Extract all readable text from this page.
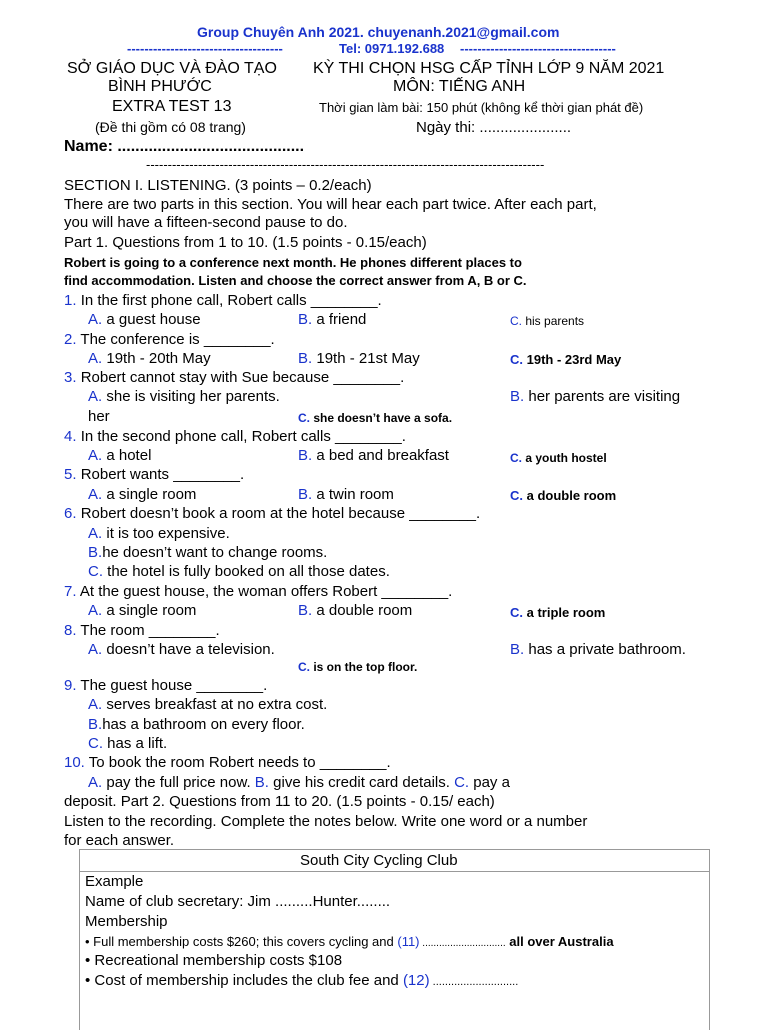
Group Chuyên Anh 2021. chuyenanh.2021@gmail.com
------------------------------------	Tel: 0971.192.688 ------------------------------------
SỞ GIÁO DỤC VÀ ĐÀO TẠO
BÌNH PHƯỚC
EXTRA TEST 13
(Đề thi gồm có 08 trang)
KỲ THI CHỌN HSG CẤP TỈNH LỚP 9 NĂM 2021
MÔN: TIẾNG ANH
Thời gian làm bài: 150 phút (không kể thời gian phát đề)
Ngày thi: ......................
Name: ..........................................
--------------------------------------------------------------------------------------------
SECTION I. LISTENING. (3 points – 0.2/each)
There are two parts in this section. You will hear each part twice. After each part,
you will have a fifteen-second pause to do.
Part 1. Questions from 1 to 10. (1.5 points - 0.15/each)
Robert is going to a conference next month. He phones different places to
find accommodation. Listen and choose the correct answer from A, B or C.
1. In the first phone call, Robert calls ________.
A. a guest house	B. a friend	C. his parents
2. The conference is ________.
A. 19th - 20th May	B. 19th - 21st May	C. 19th - 23rd May
3. Robert cannot stay with Sue because ________.
A. she is visiting her parents.	B. her parents are visiting
her	C. she doesn’t have a sofa.
4. In the second phone call, Robert calls ________.
A. a hotel	B. a bed and breakfast	C. a youth hostel
5. Robert wants ________.
A. a single room	B. a twin room	C. a double room
6. Robert doesn’t book a room at the hotel because ________.
A. it is too expensive.
B.he doesn’t want to change rooms.
C. the hotel is fully booked on all those dates.
7. At the guest house, the woman offers Robert ________.
A. a single room	B. a double room	C. a triple room
8. The room ________.
A. doesn’t have a television.	B. has a private bathroom.
C. is on the top floor.
9. The guest house ________.
A. serves breakfast at no extra cost.
B.has a bathroom on every floor.
C. has a lift.
10. To book the room Robert needs to ________.
A. pay the full price now. B. give his credit card details. C. pay a
deposit. Part 2. Questions from 11 to 20. (1.5 points - 0.15/ each)
Listen to the recording. Complete the notes below. Write one word or a number
for each answer.
South City Cycling Club
Example
Name of club secretary: Jim .........Hunter........
Membership
• Full membership costs $260; this covers cycling and (11) .............................. all over Australia
• Recreational membership costs $108
• Cost of membership includes the club fee and (12) ............................
